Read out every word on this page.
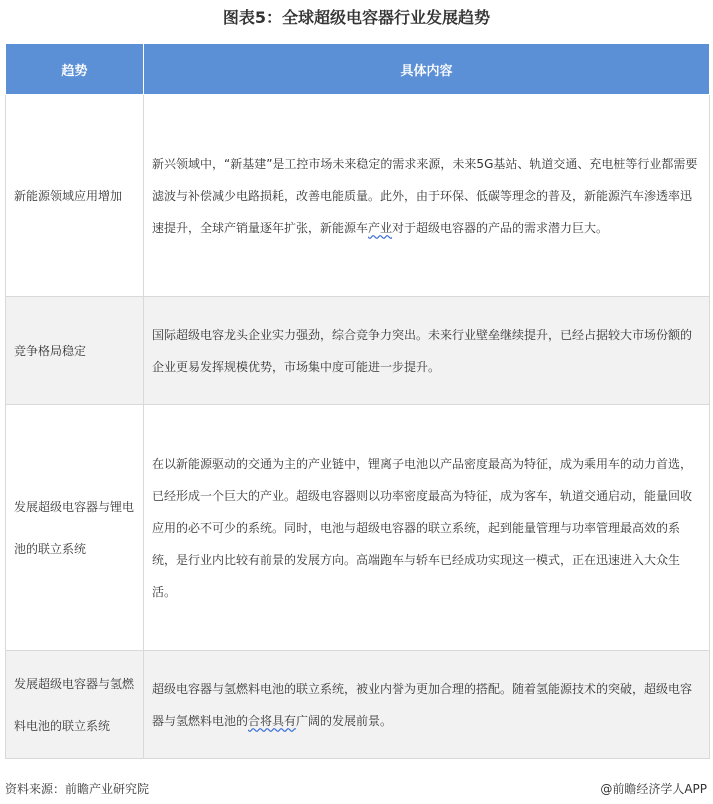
图表5：全球超级电容器行业发展趋势
趋势	具体内容
新能源领域应用增加	新兴领域中，“新基建”是工控市场未来稳定的需求来源，未来5G基站、轨道交通、充电桩等行业都需要滤波与补偿减少电路损耗，改善电能质量。此外，由于环保、低碳等理念的普及，新能源汽车渗透率迅速提升，全球产销量逐年扩张，新能源车产业对于超级电容器的产品的需求潜力巨大。
竞争格局稳定	国际超级电容龙头企业实力强劲，综合竞争力突出。未来行业壁垒继续提升，已经占据较大市场份额的企业更易发挥规模优势，市场集中度可能进一步提升。
发展超级电容器与锂电池的联立系统	在以新能源驱动的交通为主的产业链中，锂离子电池以产品密度最高为特征，成为乘用车的动力首选，已经形成一个巨大的产业。超级电容器则以功率密度最高为特征，成为客车，轨道交通启动，能量回收应用的必不可少的系统。同时，电池与超级电容器的联立系统，起到能量管理与功率管理最高效的系统，是行业内比较有前景的发展方向。高端跑车与轿车已经成功实现这一模式，正在迅速进入大众生活。
发展超级电容器与氢燃料电池的联立系统	超级电容器与氢燃料电池的联立系统，被业内誉为更加合理的搭配。随着氢能源技术的突破，超级电容器与氢燃料电池的合将具有广阔的发展前景。
资料来源：前瞻产业研究院	@前瞻经济学人APP
